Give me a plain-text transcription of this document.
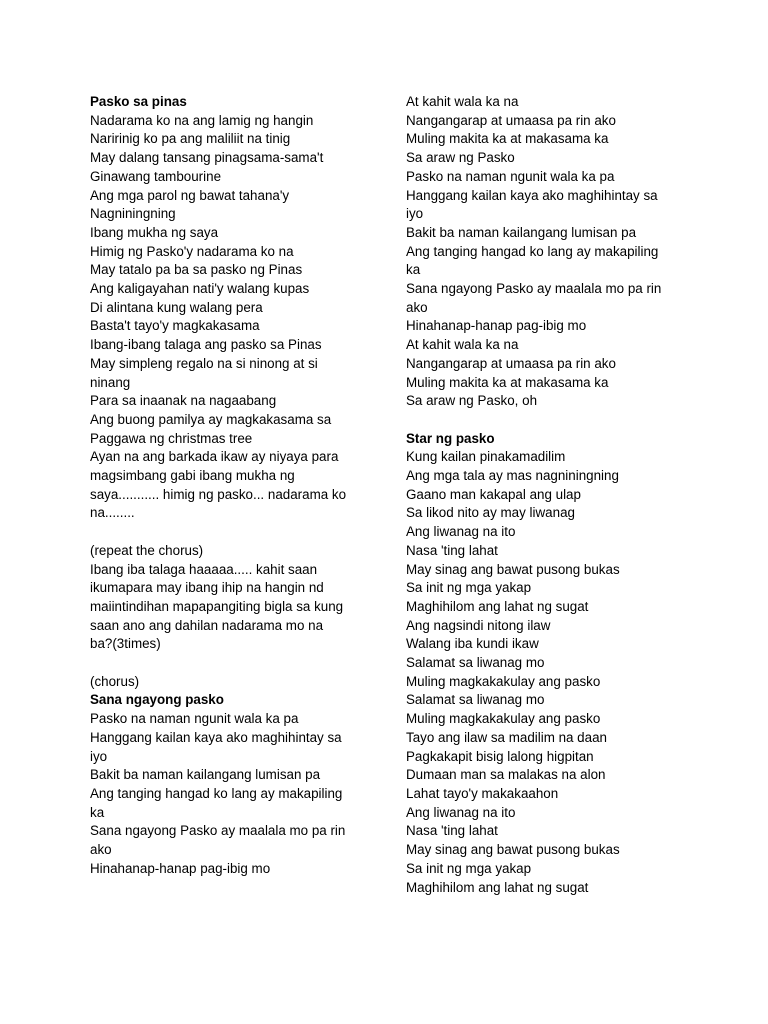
Pasko sa pinas
Nadarama ko na ang lamig ng hangin
Naririnig ko pa ang maliliit na tinig
May dalang tansang pinagsama-sama't
Ginawang tambourine
Ang mga parol ng bawat tahana'y
Nagniningning
Ibang mukha ng saya
Himig ng Pasko'y nadarama ko na
May tatalo pa ba sa pasko ng Pinas
Ang kaligayahan nati'y walang kupas
Di alintana kung walang pera
Basta't tayo'y magkakasama
Ibang-ibang talaga ang pasko sa Pinas
May simpleng regalo na si ninong at si
ninang
Para sa inaanak na nagaabang
Ang buong pamilya ay magkakasama sa
Paggawa ng christmas tree
Ayan na ang barkada ikaw ay niyaya para
magsimbang gabi ibang mukha ng
saya........... himig ng pasko... nadarama ko
na........
(repeat the chorus)
Ibang iba talaga haaaaa..... kahit saan
ikumapara may ibang ihip na hangin nd
maiintindihan mapapangiting bigla sa kung
saan ano ang dahilan nadarama mo na
ba?(3times)
(chorus)
Sana ngayong pasko
Pasko na naman ngunit wala ka pa
Hanggang kailan kaya ako maghihintay sa
iyo
Bakit ba naman kailangang lumisan pa
Ang tanging hangad ko lang ay makapiling
ka
Sana ngayong Pasko ay maalala mo pa rin
ako
Hinahanap-hanap pag-ibig mo
At kahit wala ka na
Nangangarap at umaasa pa rin ako
Muling makita ka at makasama ka
Sa araw ng Pasko
Pasko na naman ngunit wala ka pa
Hanggang kailan kaya ako maghihintay sa
iyo
Bakit ba naman kailangang lumisan pa
Ang tanging hangad ko lang ay makapiling
ka
Sana ngayong Pasko ay maalala mo pa rin
ako
Hinahanap-hanap pag-ibig mo
At kahit wala ka na
Nangangarap at umaasa pa rin ako
Muling makita ka at makasama ka
Sa araw ng Pasko, oh
Star ng pasko
Kung kailan pinakamadilim
Ang mga tala ay mas nagniningning
Gaano man kakapal ang ulap
Sa likod nito ay may liwanag
Ang liwanag na ito
Nasa 'ting lahat
May sinag ang bawat pusong bukas
Sa init ng mga yakap
Maghihilom ang lahat ng sugat
Ang nagsindi nitong ilaw
Walang iba kundi ikaw
Salamat sa liwanag mo
Muling magkakakulay ang pasko
Salamat sa liwanag mo
Muling magkakakulay ang pasko
Tayo ang ilaw sa madilim na daan
Pagkakapit bisig lalong higpitan
Dumaan man sa malakas na alon
Lahat tayo'y makakaahon
Ang liwanag na ito
Nasa 'ting lahat
May sinag ang bawat pusong bukas
Sa init ng mga yakap
Maghihilom ang lahat ng sugat
